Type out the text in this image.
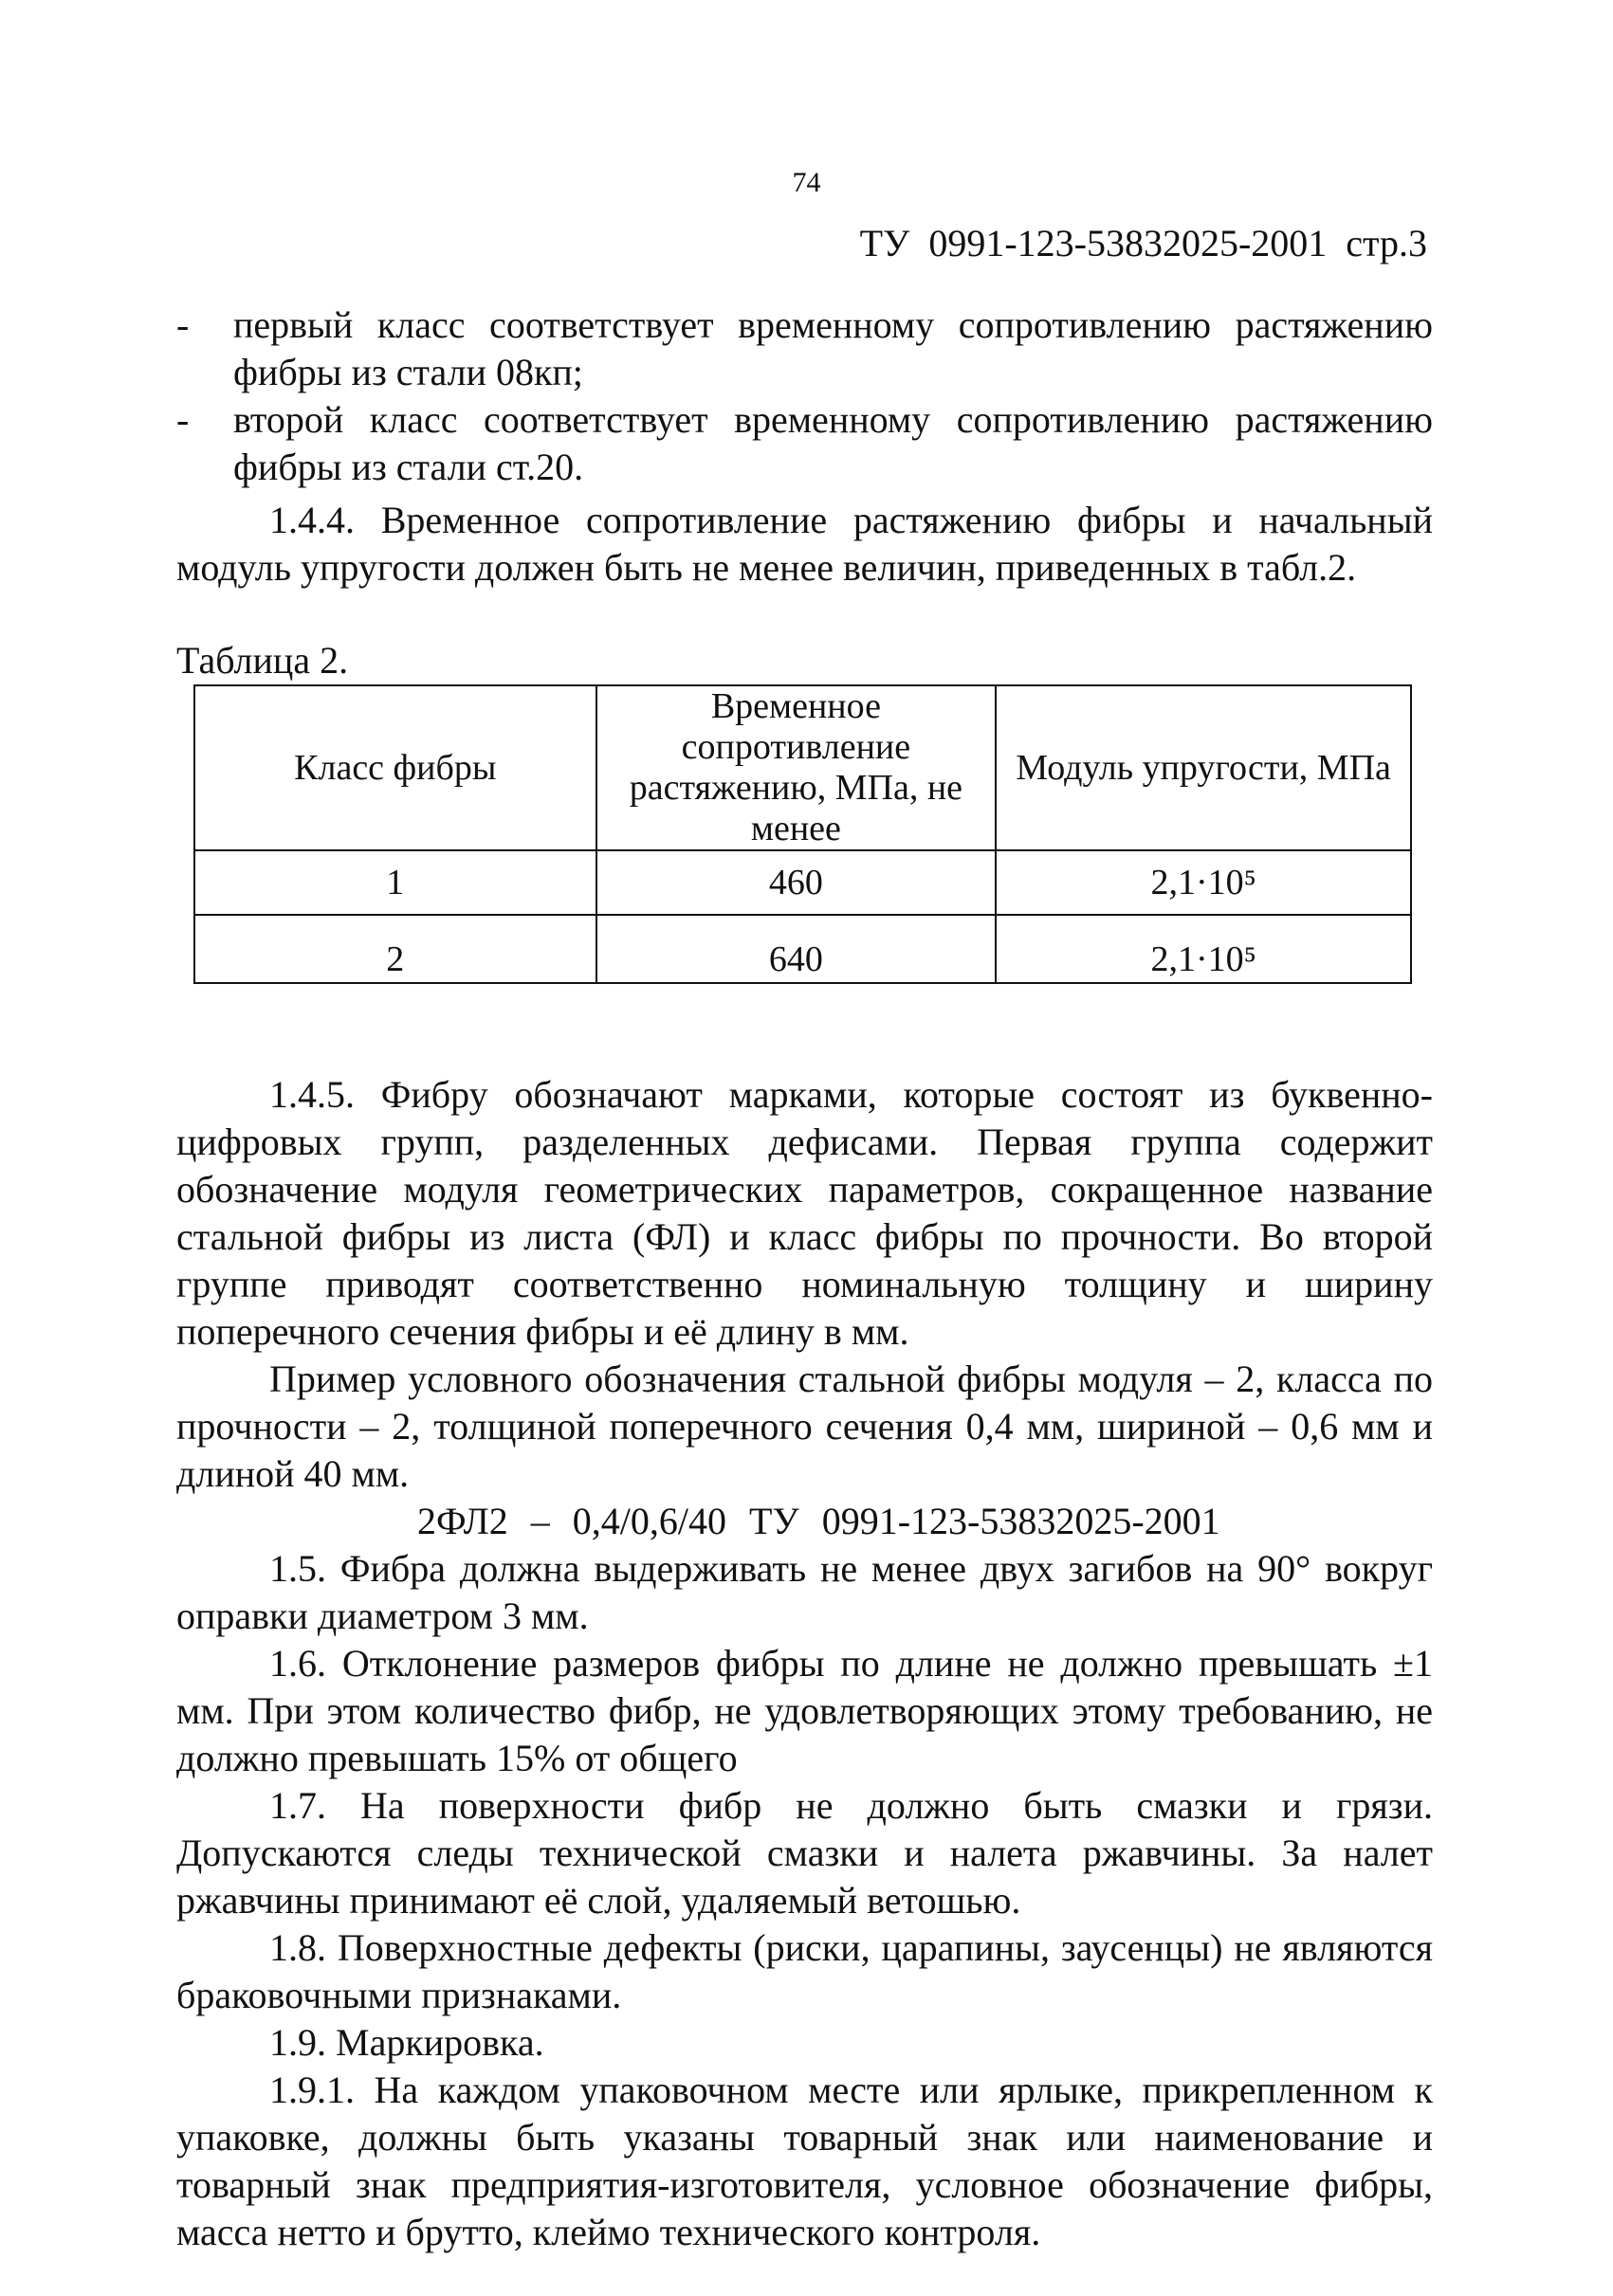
74
ТУ 0991-123-53832025-2001 стр.3

- первый класс соответствует временному сопротивлению растяжению фибры из стали 08кп;

- второй класс соответствует временному сопротивлению растяжению фибры из стали ст.20.

1.4.4. Временное сопротивление растяжению фибры и начальный модуль упругости должен быть не менее величин, приведенных в табл.2.

Таблица 2.

Класс фибры	Временное сопротивление растяжению, МПа, не менее	Модуль упругости, МПа
1	460	2,1·10⁵
2	640	2,1·10⁵

1.4.5. Фибру обозначают марками, которые состоят из буквенно-цифровых групп, разделенных дефисами. Первая группа содержит обозначение модуля геометрических параметров, сокращенное название стальной фибры из листа (ФЛ) и класс фибры по прочности. Во второй группе приводят соответственно номинальную толщину и ширину поперечного сечения фибры и её длину в мм.

Пример условного обозначения стальной фибры модуля – 2, класса по прочности – 2, толщиной поперечного сечения 0,4 мм, шириной – 0,6 мм и длиной 40 мм.

2ФЛ2 – 0,4/0,6/40 ТУ 0991-123-53832025-2001

1.5. Фибра должна выдерживать не менее двух загибов на 90° вокруг оправки диаметром 3 мм.

1.6. Отклонение размеров фибры по длине не должно превышать ±1 мм. При этом количество фибр, не удовлетворяющих этому требованию, не должно превышать 15% от общего

1.7. На поверхности фибр не должно быть смазки и грязи. Допускаются следы технической смазки и налета ржавчины. За налет ржавчины принимают её слой, удаляемый ветошью.

1.8. Поверхностные дефекты (риски, царапины, заусенцы) не являются браковочными признаками.

1.9. Маркировка.

1.9.1. На каждом упаковочном месте или ярлыке, прикрепленном к упаковке, должны быть указаны товарный знак или наименование и товарный знак предприятия-изготовителя, условное обозначение фибры, масса нетто и брутто, клеймо технического контроля.
